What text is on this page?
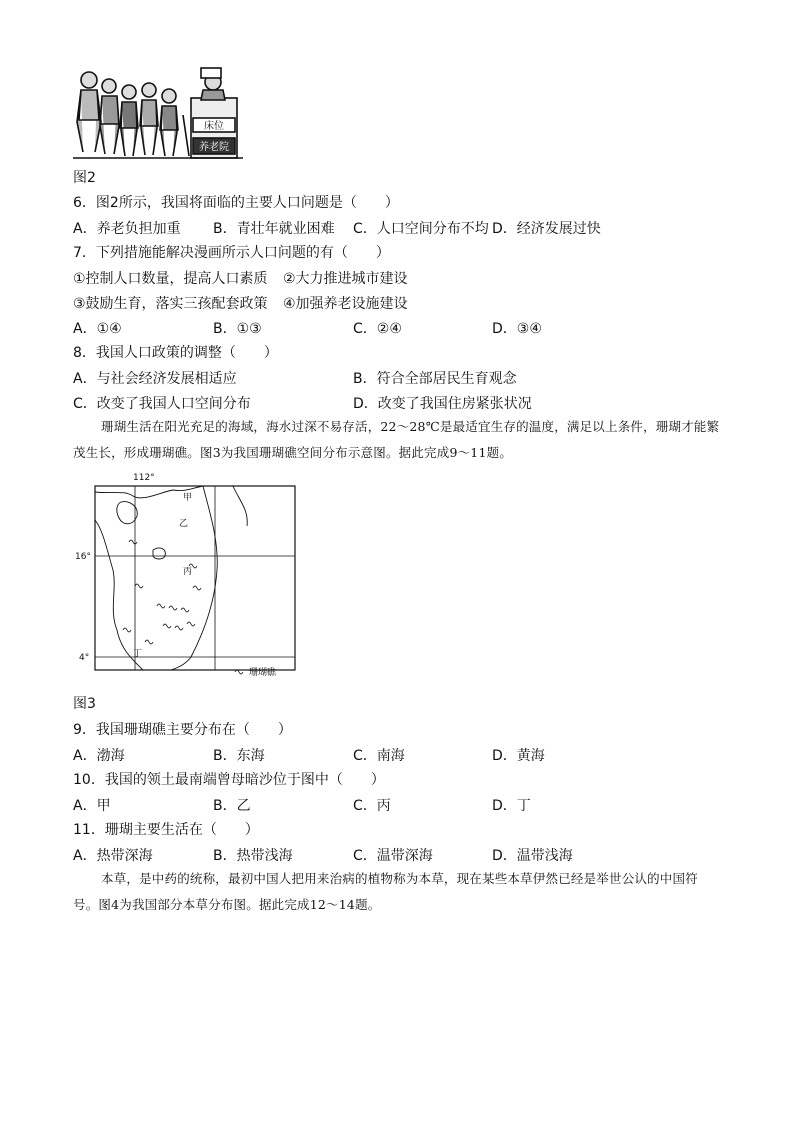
床位
养老院
图2
6．图2所示，我国将面临的主要人口问题是（　　）
A．养老负担加重 B．青壮年就业困难 C．人口空间分布不均 D．经济发展过快
7．下列措施能解决漫画所示人口问题的有（　　）
①控制人口数量，提高人口素质 ②大力推进城市建设
③鼓励生育，落实三孩配套政策 ④加强养老设施建设
A．①④	B．①③	C．②④	D．③④
8．我国人口政策的调整（　　）
A．与社会经济发展相适应	B．符合全部居民生育观念
C．改变了我国人口空间分布	D．改变了我国住房紧张状况
珊瑚生活在阳光充足的海域，海水过深不易存活，22～28℃是最适宜生存的温度，满足以上条件，珊瑚才能繁茂生长，形成珊瑚礁。图3为我国珊瑚礁空间分布示意图。据此完成9～11题。
112°
16°
4°
甲
乙
丙
丁
珊瑚礁
图3
9．我国珊瑚礁主要分布在（　　）
A．渤海	B．东海	C．南海	D．黄海
10．我国的领土最南端曾母暗沙位于图中（　　）
A．甲	B．乙	C．丙	D．丁
11．珊瑚主要生活在（　　）
A．热带深海	B．热带浅海	C．温带深海	D．温带浅海
本草，是中药的统称，最初中国人把用来治病的植物称为本草，现在某些本草伊然已经是举世公认的中国符号。图4为我国部分本草分布图。据此完成12～14题。
